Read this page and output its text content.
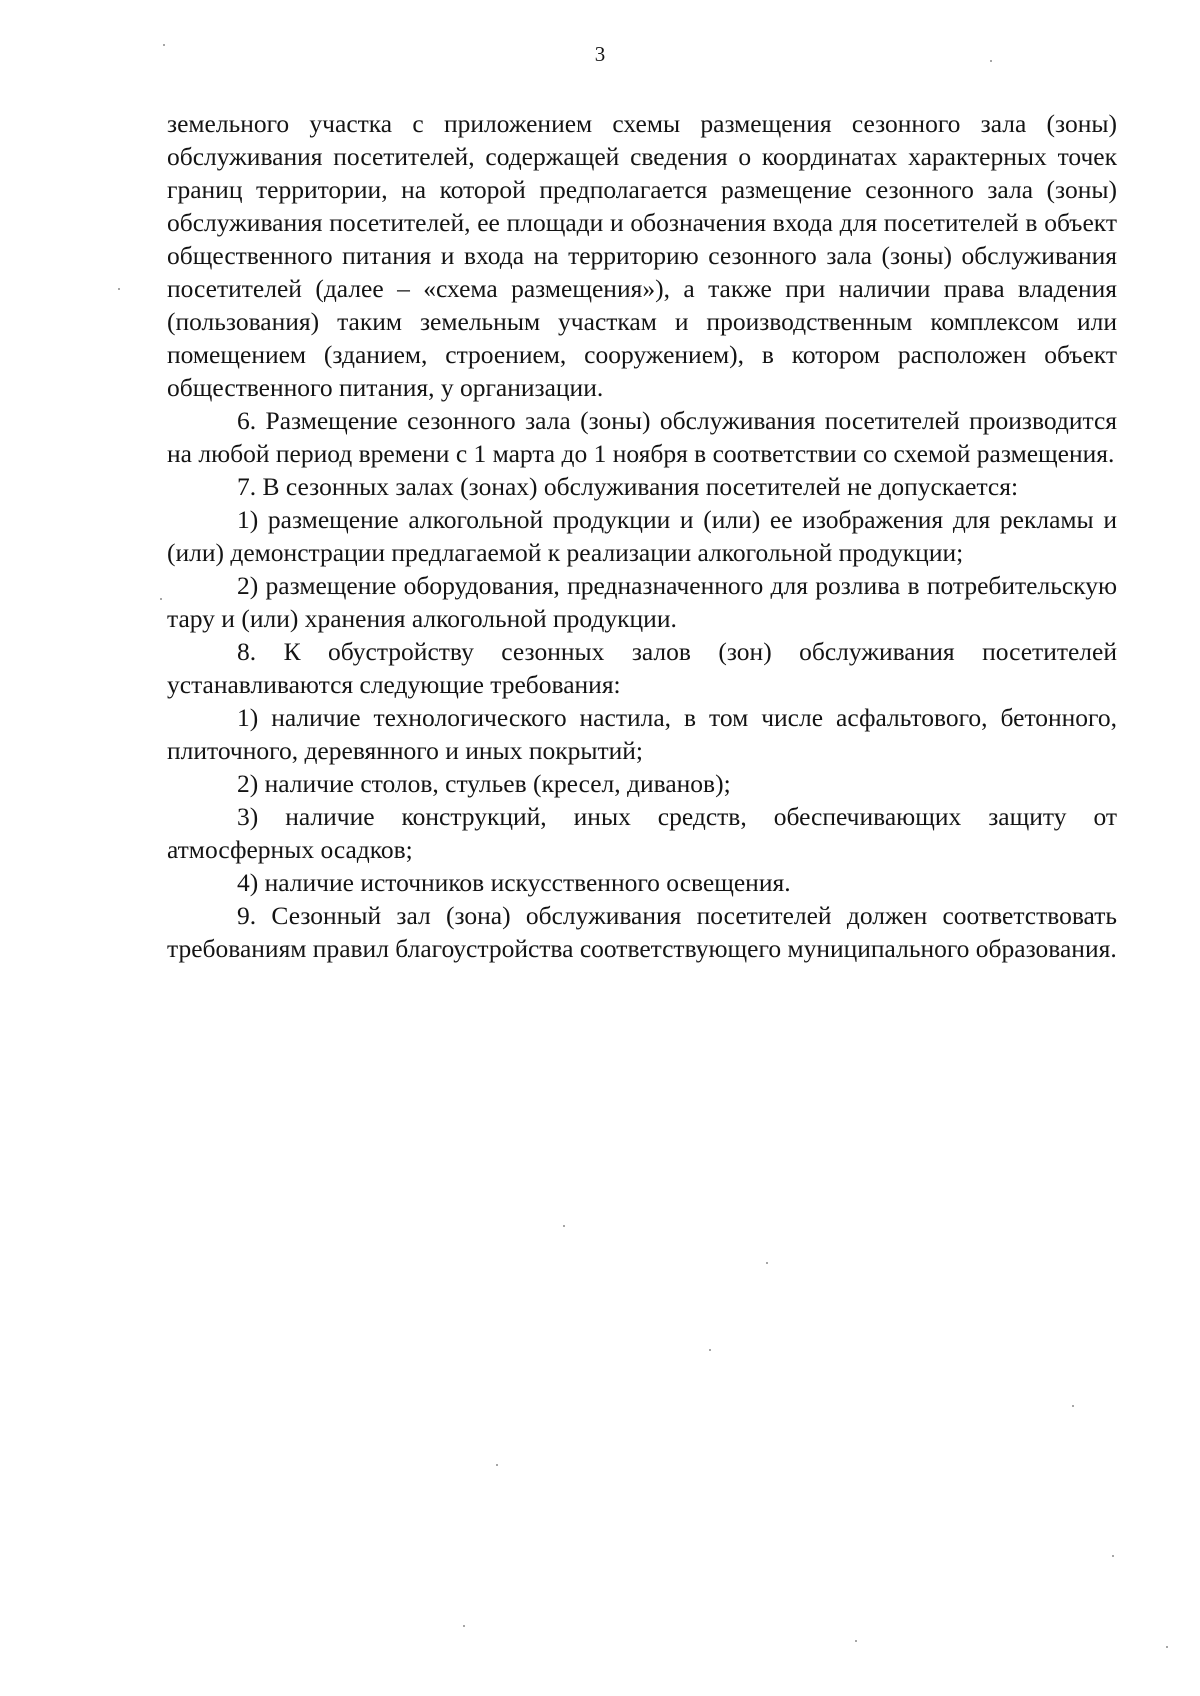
3

земельного участка с приложением схемы размещения сезонного зала (зоны) обслуживания посетителей, содержащей сведения о координатах характерных точек границ территории, на которой предполагается размещение сезонного зала (зоны) обслуживания посетителей, ее площади и обозначения входа для посетителей в объект общественного питания и входа на территорию сезонного зала (зоны) обслуживания посетителей (далее – «схема размещения»), а также при наличии права владения (пользования) таким земельным участкам и производственным комплексом или помещением (зданием, строением, сооружением), в котором расположен объект общественного питания, у организации.

6. Размещение сезонного зала (зоны) обслуживания посетителей производится на любой период времени с 1 марта до 1 ноября в соответствии со схемой размещения.

7. В сезонных залах (зонах) обслуживания посетителей не допускается:

1) размещение алкогольной продукции и (или) ее изображения для рекламы и (или) демонстрации предлагаемой к реализации алкогольной продукции;

2) размещение оборудования, предназначенного для розлива в потребительскую тару и (или) хранения алкогольной продукции.

8. К обустройству сезонных залов (зон) обслуживания посетителей устанавливаются следующие требования:

1) наличие технологического настила, в том числе асфальтового, бетонного, плиточного, деревянного и иных покрытий;

2) наличие столов, стульев (кресел, диванов);

3) наличие конструкций, иных средств, обеспечивающих защиту от атмосферных осадков;

4) наличие источников искусственного освещения.

9. Сезонный зал (зона) обслуживания посетителей должен соответствовать требованиям правил благоустройства соответствующего муниципального образования.
